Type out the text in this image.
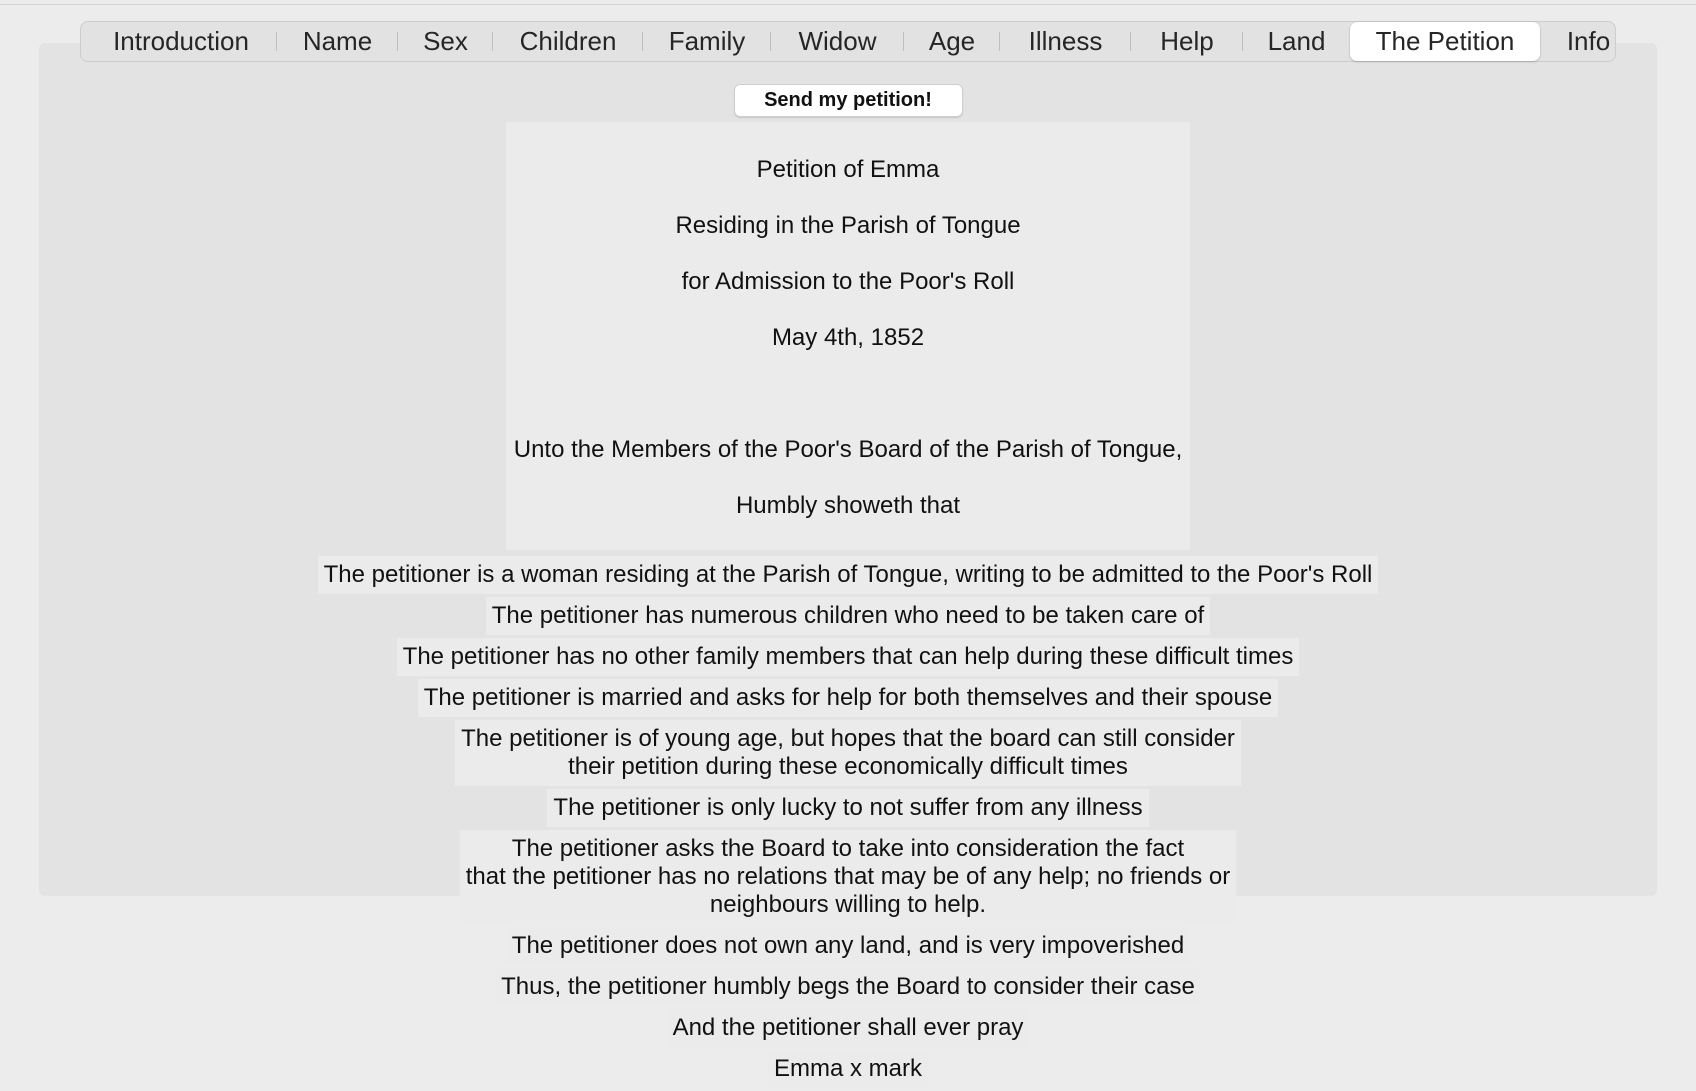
Introduction	Name	Sex	Children	Family	Widow	Age	Illness	Help	Land	The Petition	Info
Send my petition!

Petition of Emma

Residing in the Parish of Tongue

for Admission to the Poor's Roll

May 4th, 1852

Unto the Members of the Poor's Board of the Parish of Tongue,

Humbly showeth that

The petitioner is a woman residing at the Parish of Tongue, writing to be admitted to the Poor's Roll
The petitioner has numerous children who need to be taken care of
The petitioner has no other family members that can help during these difficult times
The petitioner is married and asks for help for both themselves and their spouse
The petitioner is of young age, but hopes that the board can still consider
their petition during these economically difficult times
The petitioner is only lucky to not suffer from any illness
The petitioner asks the Board to take into consideration the fact
that the petitioner has no relations that may be of any help; no friends or
neighbours willing to help.
The petitioner does not own any land, and is very impoverished
Thus, the petitioner humbly begs the Board to consider their case
And the petitioner shall ever pray
Emma x mark
